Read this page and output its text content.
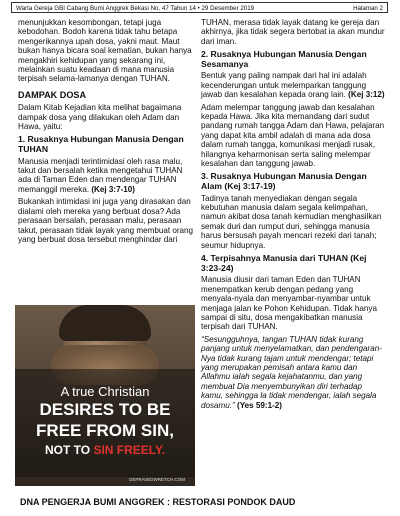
Warta Gereja GBI Cabang Bumi Anggrek Bekasi No. 47 Tahun 14 • 29 Desember 2019	Halaman 2

menunjukkan kesombongan, tetapi juga kebodohan. Bodoh karena tidak tahu betapa mengerikannya upah dosa, yakni maut. Maut bukan hanya bicara soal kematian, bukan hanya mengakhiri kehidupan yang sekarang ini, melainkan suatu keadaan di mana manusia terpisah selama-lamanya dengan TUHAN.

DAMPAK DOSA

Dalam Kitab Kejadian kita melihat bagaimana dampak dosa yang dilakukan oleh Adam dan Hawa, yaitu:

1. Rusaknya Hubungan Manusia Dengan TUHAN

Manusia menjadi terintimidasi oleh rasa malu, takut dan bersalah ketika mengetahui TUHAN ada di Taman Eden dan mendengar TUHAN memanggil mereka. (Kej 3:7-10)

Bukankah intimidasi ini juga yang dirasakan dan dialami oleh mereka yang berbuat dosa? Ada perasaan bersalah, perasaan malu, perasaan takut, perasaan tidak layak yang membuat orang yang berbuat dosa tersebut menghindar dari

A true Christian
DESIRES TO BE
FREE FROM SIN,
NOT TO SIN FREELY.
DEPRAVEDWRETCH.COM

TUHAN, merasa tidak layak datang ke gereja dan akhirnya, jika tidak segera bertobat ia akan mundur dari iman.

2. Rusaknya Hubungan Manusia Dengan Sesamanya

Bentuk yang paling nampak dari hal ini adalah kecenderungan untuk melemparkan tanggung jawab dan kesalahan kepada orang lain. (Kej 3:12)

Adam melempar tanggung jawab dan kesalahan kepada Hawa. Jika kita memandang dari sudut pandang rumah tangga Adam dan Hawa, pelajaran yang dapat kita ambil adalah di mana ada dosa dalam rumah tangga, komunikasi menjadi rusak, hilangnya keharmonisan serta saling melempar kesalahan dan tanggung jawab.

3. Rusaknya Hubungan Manusia Dengan Alam (Kej 3:17-19)

Tadinya tanah menyediakan dengan segala kebutuhan manusia dalam segala kelimpahan, namun akibat dosa tanah kemudian menghasilkan semak duri dan rumput duri, sehingga manusia harus bersusah payah mencari rezeki dari tanah; seumur hidupnya.

4. Terpisahnya Manusia dari TUHAN (Kej 3:23-24)

Manusia diusir dari taman Eden dan TUHAN menempatkan kerub dengan pedang yang menyala-nyala dan menyambar-nyambar untuk menjaga jalan ke Pohon Kehidupan. Tidak hanya sampai di situ, dosa mengakibatkan manusia terpisah dari TUHAN.

“Sesungguhnya, tangan TUHAN tidak kurang panjang untuk menyelamatkan, dan pendengaran-Nya tidak kurang tajam untuk mendengar; tetapi yang merupakan pemisah antara kamu dan Allahmu ialah segala kejahatanmu, dan yang membuat Dia menyembunyikan diri terhadap kamu, sehingga la tidak mendengar, ialah segala dosamu.” (Yes 59:1-2)

DNA PENGERJA BUMI ANGGREK : RESTORASI PONDOK DAUD
